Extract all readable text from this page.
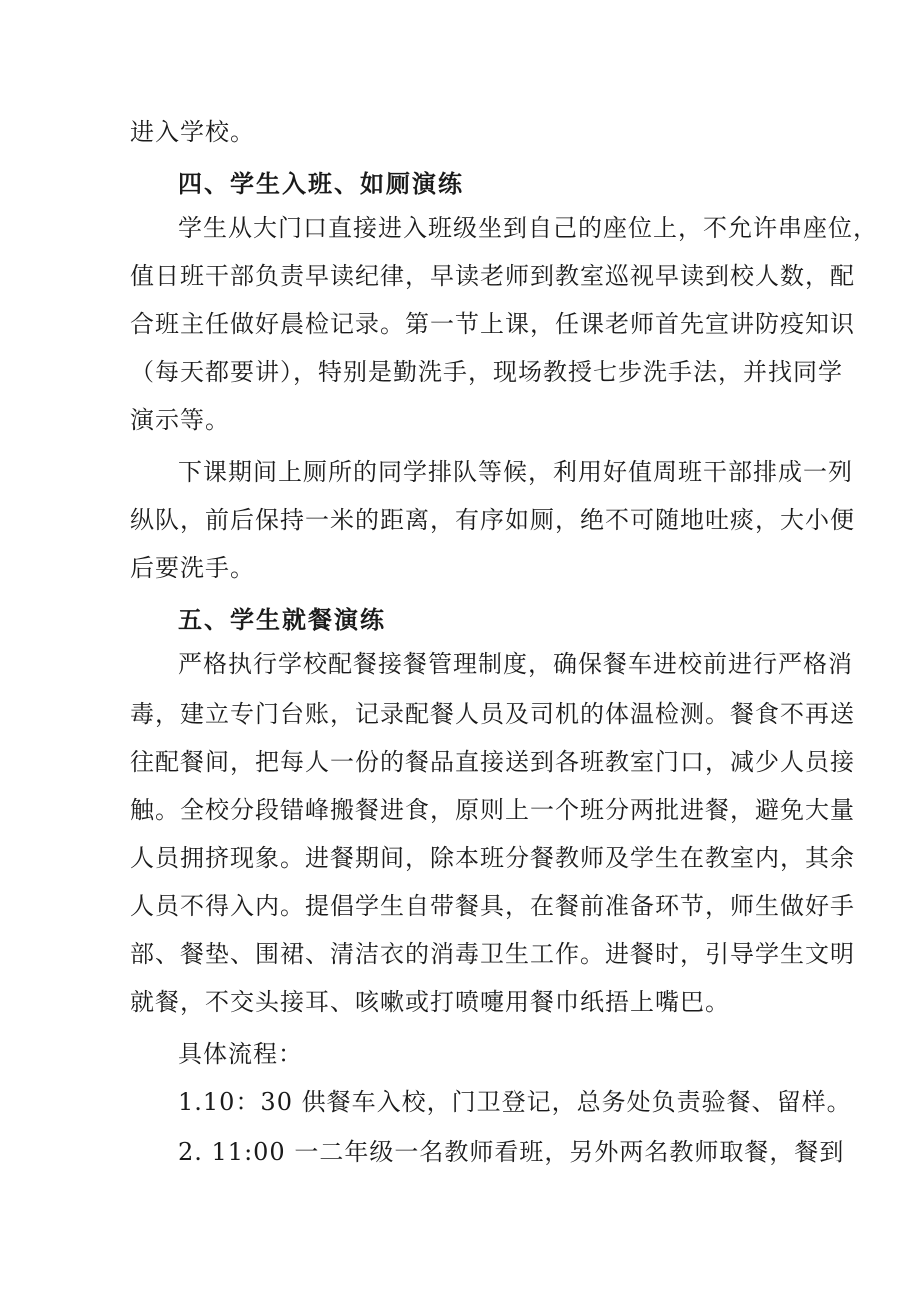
进入学校。
四、学生入班、如厕演练
学生从大门口直接进入班级坐到自己的座位上，不允许串座位，
值日班干部负责早读纪律，早读老师到教室巡视早读到校人数，配
合班主任做好晨检记录。第一节上课，任课老师首先宣讲防疫知识
（每天都要讲），特别是勤洗手，现场教授七步洗手法，并找同学
演示等。
下课期间上厕所的同学排队等候，利用好值周班干部排成一列
纵队，前后保持一米的距离，有序如厕，绝不可随地吐痰，大小便
后要洗手。
五、学生就餐演练
严格执行学校配餐接餐管理制度，确保餐车进校前进行严格消
毒，建立专门台账，记录配餐人员及司机的体温检测。餐食不再送
往配餐间，把每人一份的餐品直接送到各班教室门口，减少人员接
触。全校分段错峰搬餐进食，原则上一个班分两批进餐，避免大量
人员拥挤现象。进餐期间，除本班分餐教师及学生在教室内，其余
人员不得入内。提倡学生自带餐具，在餐前准备环节，师生做好手
部、餐垫、围裙、清洁衣的消毒卫生工作。进餐时，引导学生文明
就餐，不交头接耳、咳嗽或打喷嚏用餐巾纸捂上嘴巴。
具体流程：
1.10：30 供餐车入校，门卫登记，总务处负责验餐、留样。
2. 11:00 一二年级一名教师看班，另外两名教师取餐，餐到
